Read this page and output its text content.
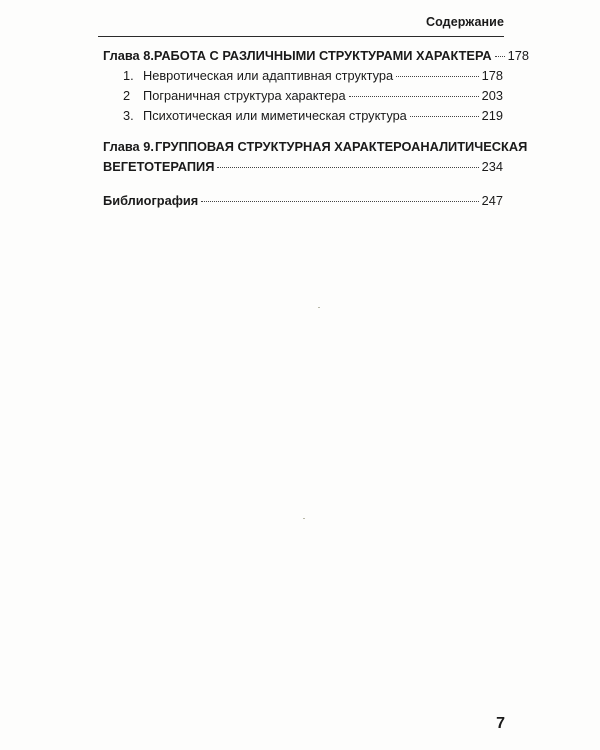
Содержание
Глава 8. РАБОТА С РАЗЛИЧНЫМИ СТРУКТУРАМИ ХАРАКТЕРА 178
1. Невротическая или адаптивная структура	178
2	Пограничная структура характера	203
3. Психотическая или миметическая структура	219
Глава 9.ГРУППОВАЯ СТРУКТУРНАЯ ХАРАКТЕРОАНАЛИТИЧЕСКАЯ
ВЕГЕТОТЕРАПИЯ	234
Библиография	247
7
